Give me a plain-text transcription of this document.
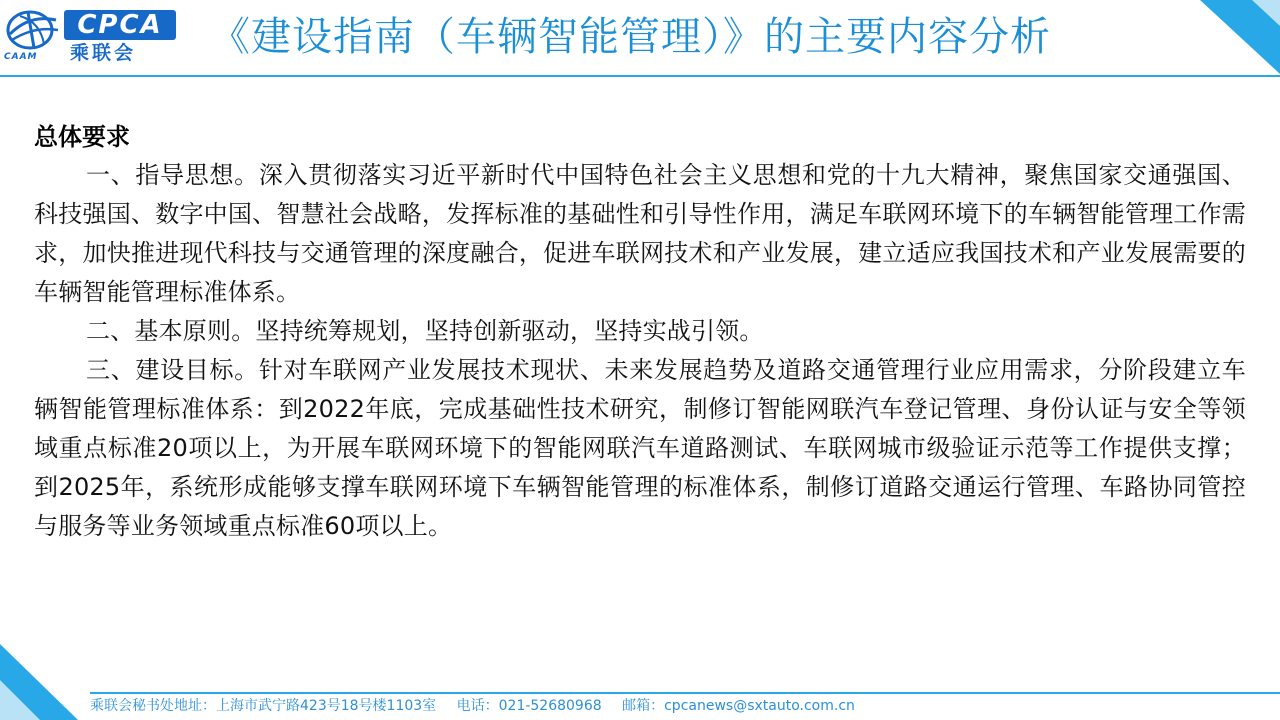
CAAM
CPCA
乘联会	《建设指南（车辆智能管理）》的主要内容分析
总体要求

一、指导思想。深入贯彻落实习近平新时代中国特色社会主义思想和党的十九大精神，聚焦国家交通强国、科技强国、数字中国、智慧社会战略，发挥标准的基础性和引导性作用，满足车联网环境下的车辆智能管理工作需求，加快推进现代科技与交通管理的深度融合，促进车联网技术和产业发展，建立适应我国技术和产业发展需要的车辆智能管理标准体系。

二、基本原则。坚持统筹规划，坚持创新驱动，坚持实战引领。

三、建设目标。针对车联网产业发展技术现状、未来发展趋势及道路交通管理行业应用需求，分阶段建立车辆智能管理标准体系：到2022年底，完成基础性技术研究，制修订智能网联汽车登记管理、身份认证与安全等领域重点标准20项以上，为开展车联网环境下的智能网联汽车道路测试、车联网城市级验证示范等工作提供支撑；到2025年，系统形成能够支撑车联网环境下车辆智能管理的标准体系，制修订道路交通运行管理、车路协同管控与服务等业务领域重点标准60项以上。

乘联会秘书处地址：上海市武宁路423号18号楼1103室 电话：021-52680968 邮箱：cpcanews@sxtauto.com.cn
